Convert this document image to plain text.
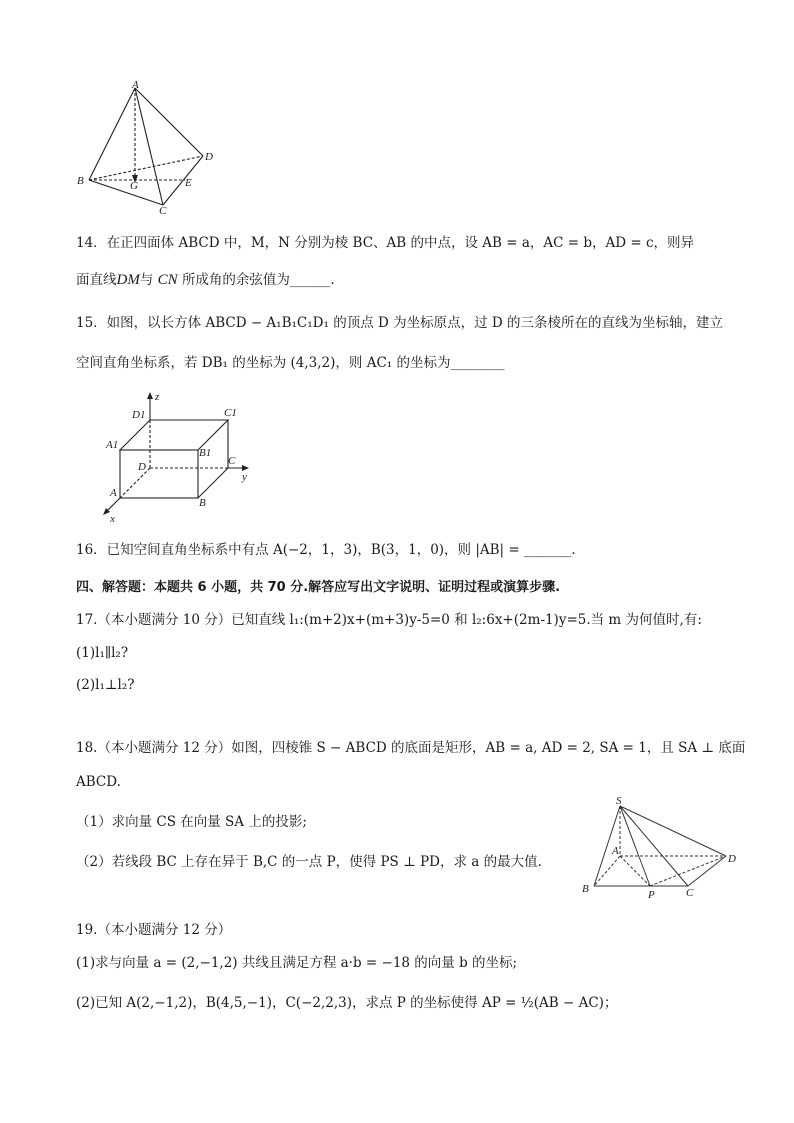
A
B
C
D
G	E
14．在正四面体 ABCD 中，M，N 分别为棱 BC、AB 的中点，设 AB = a，AC = b，AD = c，则异
面直线DM与 CN 所成角的余弦值为______.
15．如图，以长方体 ABCD − A₁B₁C₁D₁ 的顶点 D 为坐标原点，过 D 的三条棱所在的直线为坐标轴，建立
空间直角坐标系，若 DB₁ 的坐标为 (4,3,2)，则 AC₁ 的坐标为________
z
D1	C1
A1
B1
D	C
y
A
B
x
16．已知空间直角坐标系中有点 A(−2，1，3)，B(3，1，0)，则 |AB| = _______.
四、解答题：本题共 6 小题，共 70 分.解答应写出文字说明、证明过程或演算步骤.
17.（本小题满分 10 分）已知直线 l₁:(m+2)x+(m+3)y-5=0 和 l₂:6x+(2m-1)y=5.当 m 为何值时,有:
(1)l₁∥l₂?
(2)l₁⊥l₂?
18.（本小题满分 12 分）如图，四棱锥 S − ABCD 的底面是矩形，AB = a, AD = 2, SA = 1，且 SA ⊥ 底面
ABCD.
（1）求向量 CS 在向量 SA 上的投影;
（2）若线段 BC 上存在异于 B,C 的一点 P，使得 PS ⊥ PD，求 a 的最大值.
S
A
D
B	P	C
19.（本小题满分 12 分）
(1)求与向量 a = (2,−1,2) 共线且满足方程 a·b = −18 的向量 b 的坐标;
(2)已知 A(2,−1,2)，B(4,5,−1)，C(−2,2,3)，求点 P 的坐标使得 AP = ½(AB − AC)；
